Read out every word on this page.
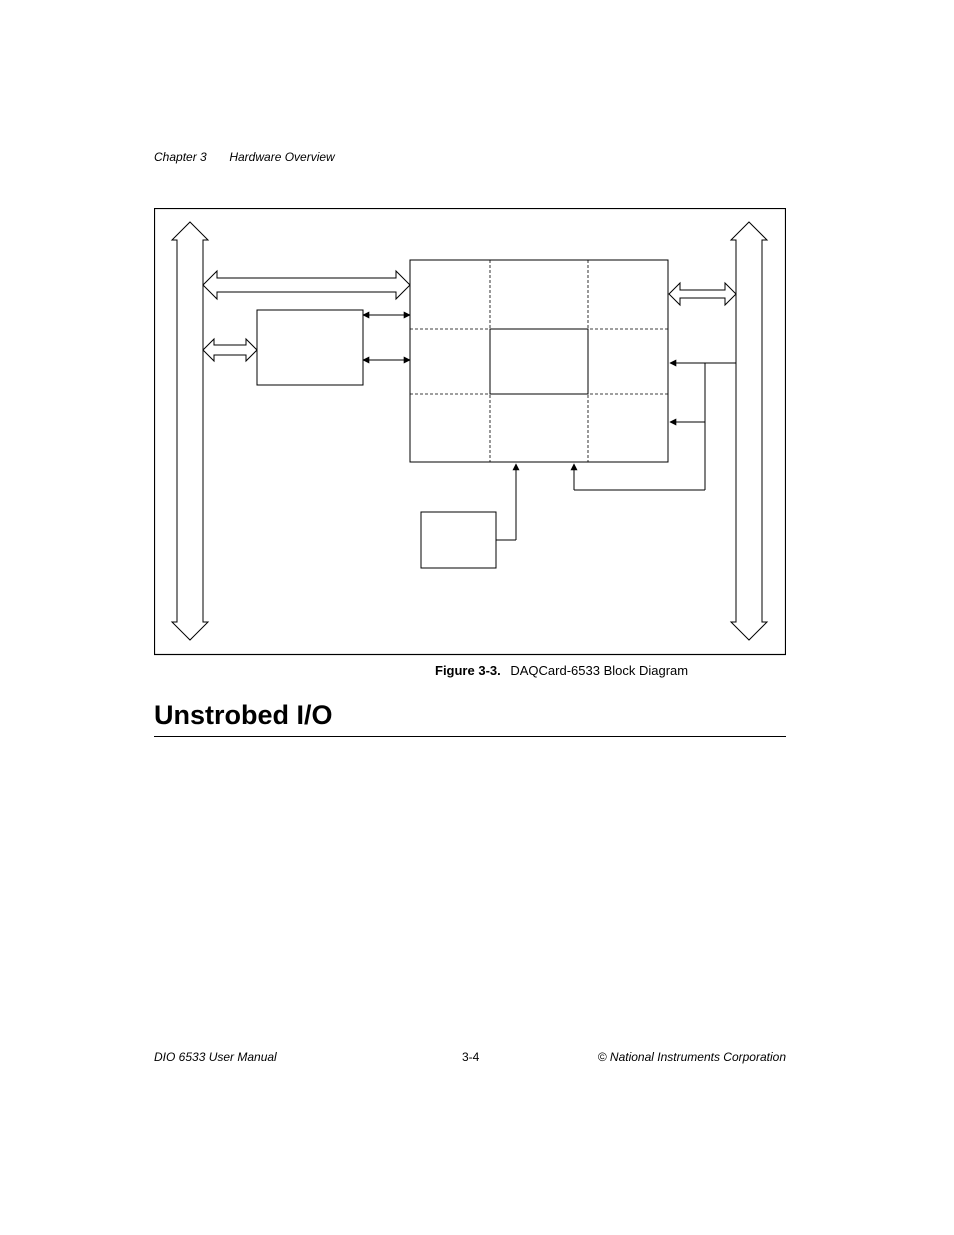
Chapter 3 Hardware Overview
Figure 3-3. DAQCard-6533 Block Diagram
Unstrobed I/O
DIO 6533 User Manual	3-4	© National Instruments Corporation
